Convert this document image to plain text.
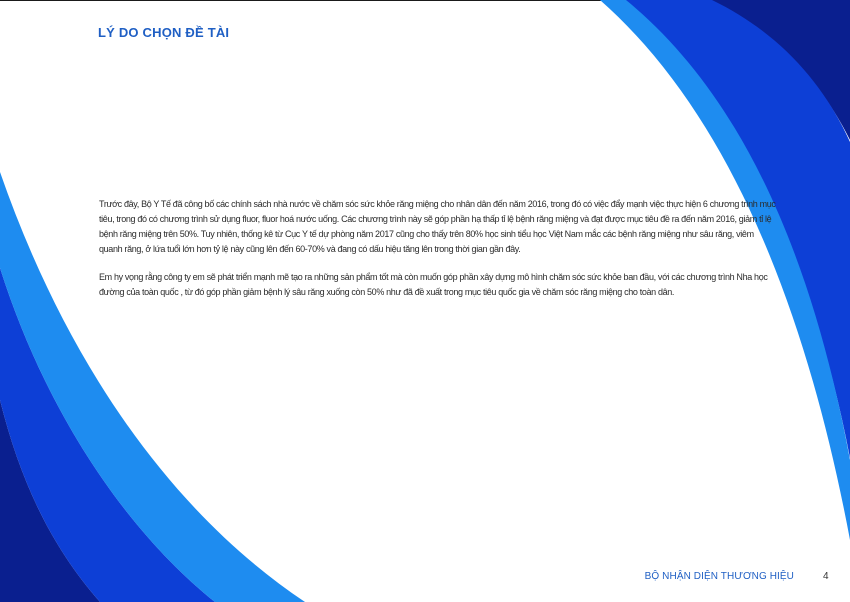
LÝ DO CHỌN ĐỀ TÀI

Trước đây, Bộ Y Tế đã công bố các chính sách nhà nước về chăm sóc sức khỏe răng miệng cho nhân dân đến năm 2016, trong đó có việc đẩy mạnh việc thực hiện 6 chương trình mục tiêu, trong đó có chương trình sử dụng fluor, fluor hoá nước uống. Các chương trình này sẽ góp phần hạ thấp tỉ lệ bệnh răng miệng và đạt được mục tiêu đề ra đến năm 2016, giảm tỉ lệ bệnh răng miệng trên 50%. Tuy nhiên, thống kê từ Cục Y tế dự phòng năm 2017 cũng cho thấy trên 80% học sinh tiểu học Việt Nam mắc các bệnh răng miệng như sâu răng, viêm quanh răng, ở lứa tuổi lớn hơn tỷ lệ này cũng lên đến 60-70% và đang có dấu hiệu tăng lên trong thời gian gần đây.

Em hy vọng rằng công ty em sẽ phát triển mạnh mẽ tạo ra những sản phẩm tốt mà còn muốn góp phần xây dựng mô hình chăm sóc sức khỏe ban đầu, với các chương trình Nha học đường của toàn quốc , từ đó góp phần giảm bệnh lý sâu răng xuống còn 50% như đã đề xuất trong mục tiêu quốc gia về chăm sóc răng miệng cho toàn dân.

BỘ NHẬN DIỆN THƯƠNG HIỆU	4
